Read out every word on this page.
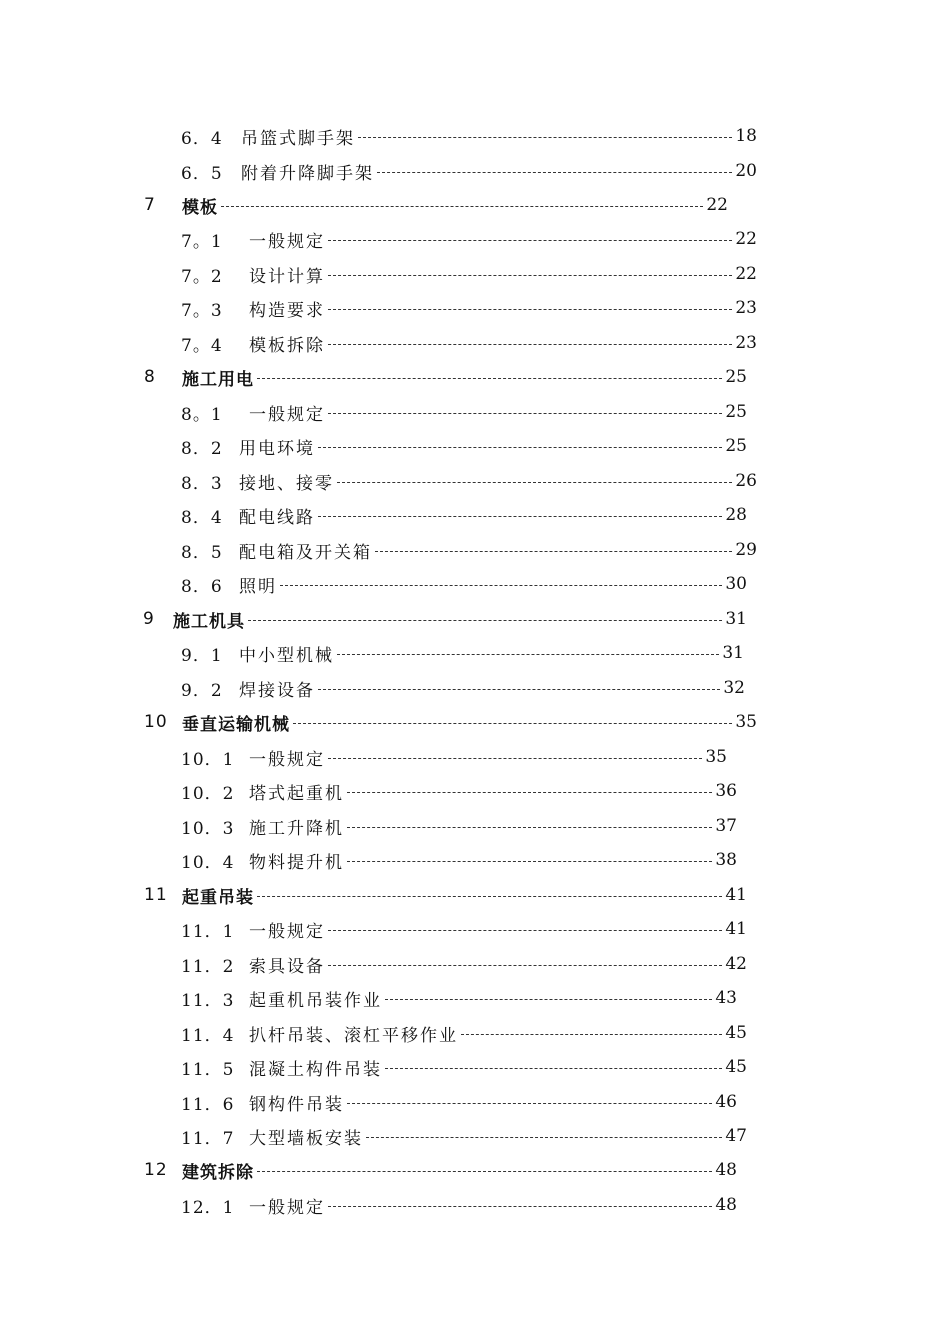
6．4	吊篮式脚手架	18
6．5	附着升降脚手架	20
7	模板	22
7。1	一般规定	22
7。2	设计计算	22
7。3	构造要求	23
7。4	模板拆除	23
8	施工用电	25
8。1	一般规定	25
8．2 用电环境	25
8．3 接地、接零	26
8．4 配电线路	28
8．5 配电箱及开关箱	29
8．6 照明	30
9	施工机具	31
9．1 中小型机械	31
9．2 焊接设备	32
10 垂直运输机械	35
10．1 一般规定	35
10．2 塔式起重机	36
10．3 施工升降机	37
10．4 物料提升机	38
11 起重吊装	41
11．1 一般规定	41
11．2 索具设备	42
11．3 起重机吊装作业	43
11．4 扒杆吊装、滚杠平移作业	45
11．5 混凝土构件吊装	45
11．6 钢构件吊装	46
11．7 大型墙板安装	47
12 建筑拆除	48
12．1 一般规定	48
